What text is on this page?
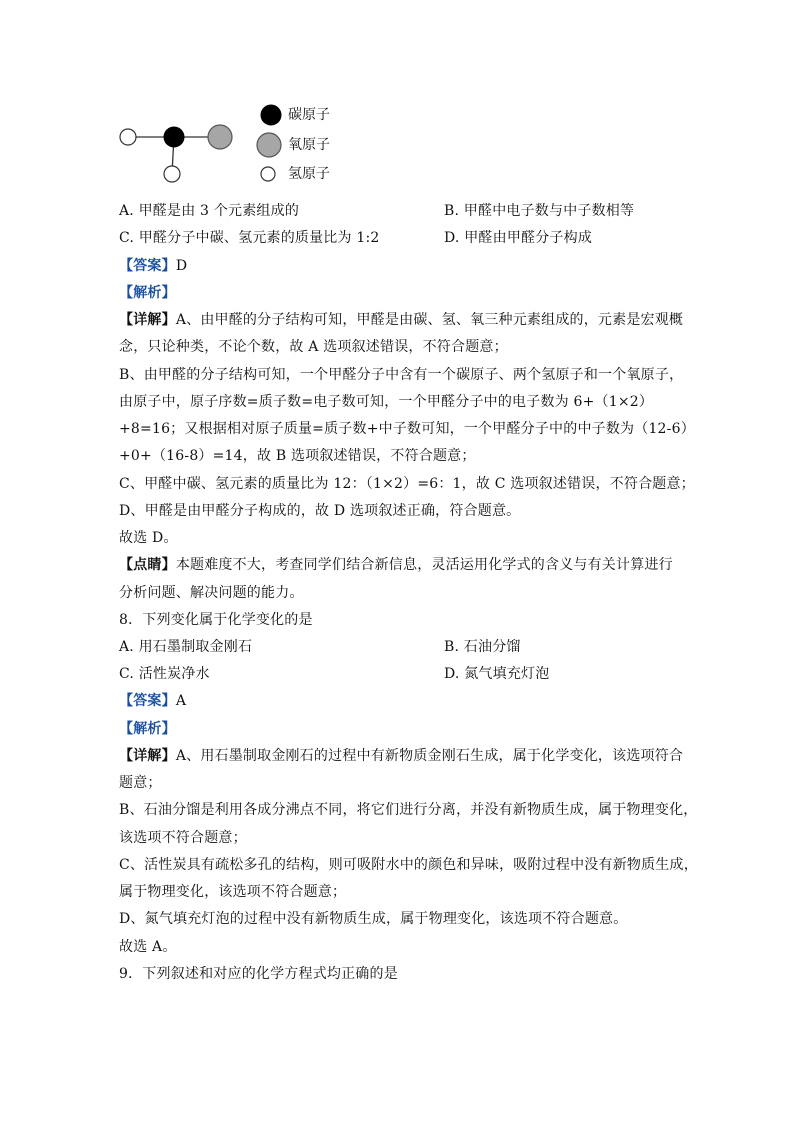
碳原子
氧原子
氢原子
A. 甲醛是由 3 个元素组成的	B. 甲醛中电子数与中子数相等
C. 甲醛分子中碳、氢元素的质量比为 1:2	D. 甲醛由甲醛分子构成
【答案】D
【解析】
【详解】A、由甲醛的分子结构可知，甲醛是由碳、氢、氧三种元素组成的，元素是宏观概
念，只论种类，不论个数，故 A 选项叙述错误，不符合题意；
B、由甲醛的分子结构可知，一个甲醛分子中含有一个碳原子、两个氢原子和一个氧原子，
由原子中，原子序数=质子数=电子数可知，一个甲醛分子中的电子数为 6+（1×2）
+8=16；又根据相对原子质量=质子数+中子数可知，一个甲醛分子中的中子数为（12-6）
+0+（16-8）=14，故 B 选项叙述错误，不符合题意；
C、甲醛中碳、氢元素的质量比为 12：（1×2）=6：1，故 C 选项叙述错误，不符合题意；
D、甲醛是由甲醛分子构成的，故 D 选项叙述正确，符合题意。
故选 D。
【点睛】本题难度不大，考查同学们结合新信息，灵活运用化学式的含义与有关计算进行
分析问题、解决问题的能力。
8．下列变化属于化学变化的是
A. 用石墨制取金刚石	B. 石油分馏
C. 活性炭净水	D. 氮气填充灯泡
【答案】A
【解析】
【详解】A、用石墨制取金刚石的过程中有新物质金刚石生成，属于化学变化，该选项符合
题意；
B、石油分馏是利用各成分沸点不同，将它们进行分离，并没有新物质生成，属于物理变化，
该选项不符合题意；
C、活性炭具有疏松多孔的结构，则可吸附水中的颜色和异味，吸附过程中没有新物质生成，
属于物理变化，该选项不符合题意；
D、氮气填充灯泡的过程中没有新物质生成，属于物理变化，该选项不符合题意。
故选 A。
9．下列叙述和对应的化学方程式均正确的是
